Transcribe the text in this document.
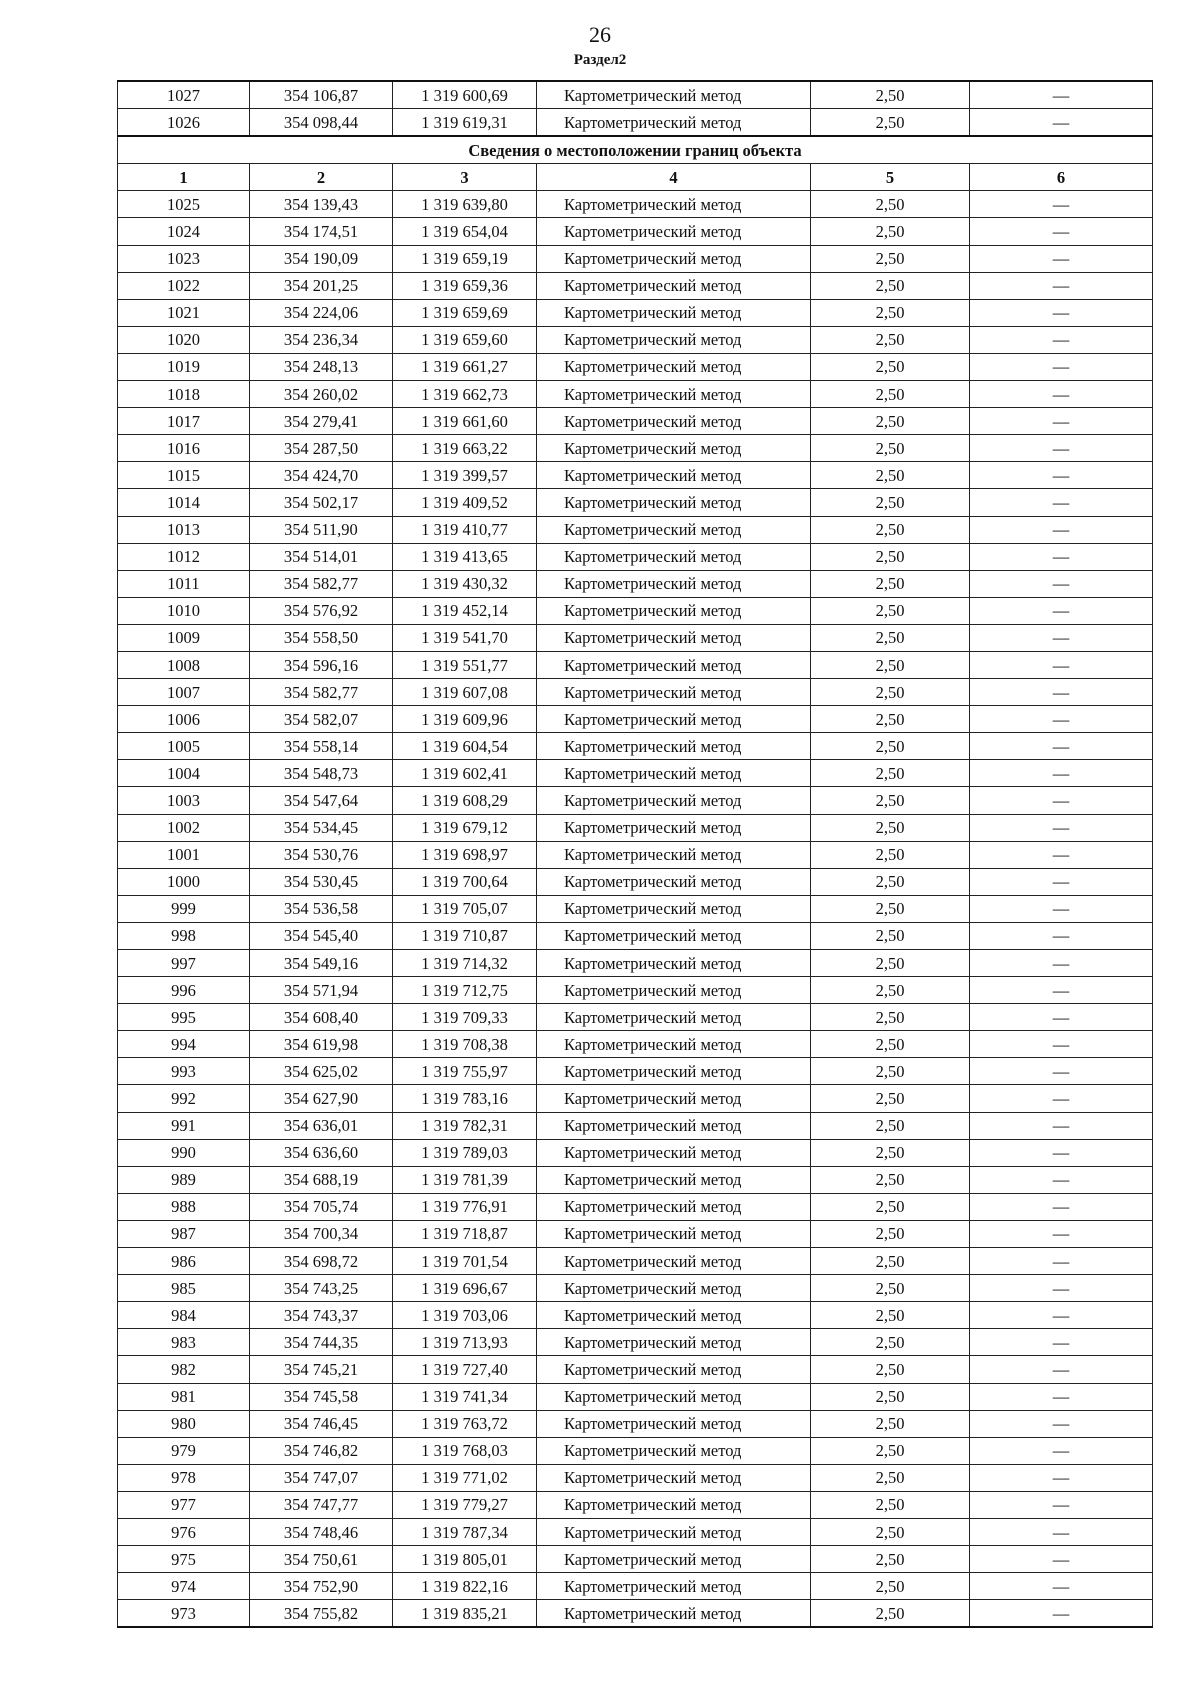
26
Раздел2
1027	354 106,87	1 319 600,69	Картометрический метод	2,50	—
1026	354 098,44	1 319 619,31	Картометрический метод	2,50	—
Сведения о местоположении границ объекта					
1	2	3	4	5	6
1025	354 139,43	1 319 639,80	Картометрический метод	2,50	—
1024	354 174,51	1 319 654,04	Картометрический метод	2,50	—
1023	354 190,09	1 319 659,19	Картометрический метод	2,50	—
1022	354 201,25	1 319 659,36	Картометрический метод	2,50	—
1021	354 224,06	1 319 659,69	Картометрический метод	2,50	—
1020	354 236,34	1 319 659,60	Картометрический метод	2,50	—
1019	354 248,13	1 319 661,27	Картометрический метод	2,50	—
1018	354 260,02	1 319 662,73	Картометрический метод	2,50	—
1017	354 279,41	1 319 661,60	Картометрический метод	2,50	—
1016	354 287,50	1 319 663,22	Картометрический метод	2,50	—
1015	354 424,70	1 319 399,57	Картометрический метод	2,50	—
1014	354 502,17	1 319 409,52	Картометрический метод	2,50	—
1013	354 511,90	1 319 410,77	Картометрический метод	2,50	—
1012	354 514,01	1 319 413,65	Картометрический метод	2,50	—
1011	354 582,77	1 319 430,32	Картометрический метод	2,50	—
1010	354 576,92	1 319 452,14	Картометрический метод	2,50	—
1009	354 558,50	1 319 541,70	Картометрический метод	2,50	—
1008	354 596,16	1 319 551,77	Картометрический метод	2,50	—
1007	354 582,77	1 319 607,08	Картометрический метод	2,50	—
1006	354 582,07	1 319 609,96	Картометрический метод	2,50	—
1005	354 558,14	1 319 604,54	Картометрический метод	2,50	—
1004	354 548,73	1 319 602,41	Картометрический метод	2,50	—
1003	354 547,64	1 319 608,29	Картометрический метод	2,50	—
1002	354 534,45	1 319 679,12	Картометрический метод	2,50	—
1001	354 530,76	1 319 698,97	Картометрический метод	2,50	—
1000	354 530,45	1 319 700,64	Картометрический метод	2,50	—
999	354 536,58	1 319 705,07	Картометрический метод	2,50	—
998	354 545,40	1 319 710,87	Картометрический метод	2,50	—
997	354 549,16	1 319 714,32	Картометрический метод	2,50	—
996	354 571,94	1 319 712,75	Картометрический метод	2,50	—
995	354 608,40	1 319 709,33	Картометрический метод	2,50	—
994	354 619,98	1 319 708,38	Картометрический метод	2,50	—
993	354 625,02	1 319 755,97	Картометрический метод	2,50	—
992	354 627,90	1 319 783,16	Картометрический метод	2,50	—
991	354 636,01	1 319 782,31	Картометрический метод	2,50	—
990	354 636,60	1 319 789,03	Картометрический метод	2,50	—
989	354 688,19	1 319 781,39	Картометрический метод	2,50	—
988	354 705,74	1 319 776,91	Картометрический метод	2,50	—
987	354 700,34	1 319 718,87	Картометрический метод	2,50	—
986	354 698,72	1 319 701,54	Картометрический метод	2,50	—
985	354 743,25	1 319 696,67	Картометрический метод	2,50	—
984	354 743,37	1 319 703,06	Картометрический метод	2,50	—
983	354 744,35	1 319 713,93	Картометрический метод	2,50	—
982	354 745,21	1 319 727,40	Картометрический метод	2,50	—
981	354 745,58	1 319 741,34	Картометрический метод	2,50	—
980	354 746,45	1 319 763,72	Картометрический метод	2,50	—
979	354 746,82	1 319 768,03	Картометрический метод	2,50	—
978	354 747,07	1 319 771,02	Картометрический метод	2,50	—
977	354 747,77	1 319 779,27	Картометрический метод	2,50	—
976	354 748,46	1 319 787,34	Картометрический метод	2,50	—
975	354 750,61	1 319 805,01	Картометрический метод	2,50	—
974	354 752,90	1 319 822,16	Картометрический метод	2,50	—
973	354 755,82	1 319 835,21	Картометрический метод	2,50	—
